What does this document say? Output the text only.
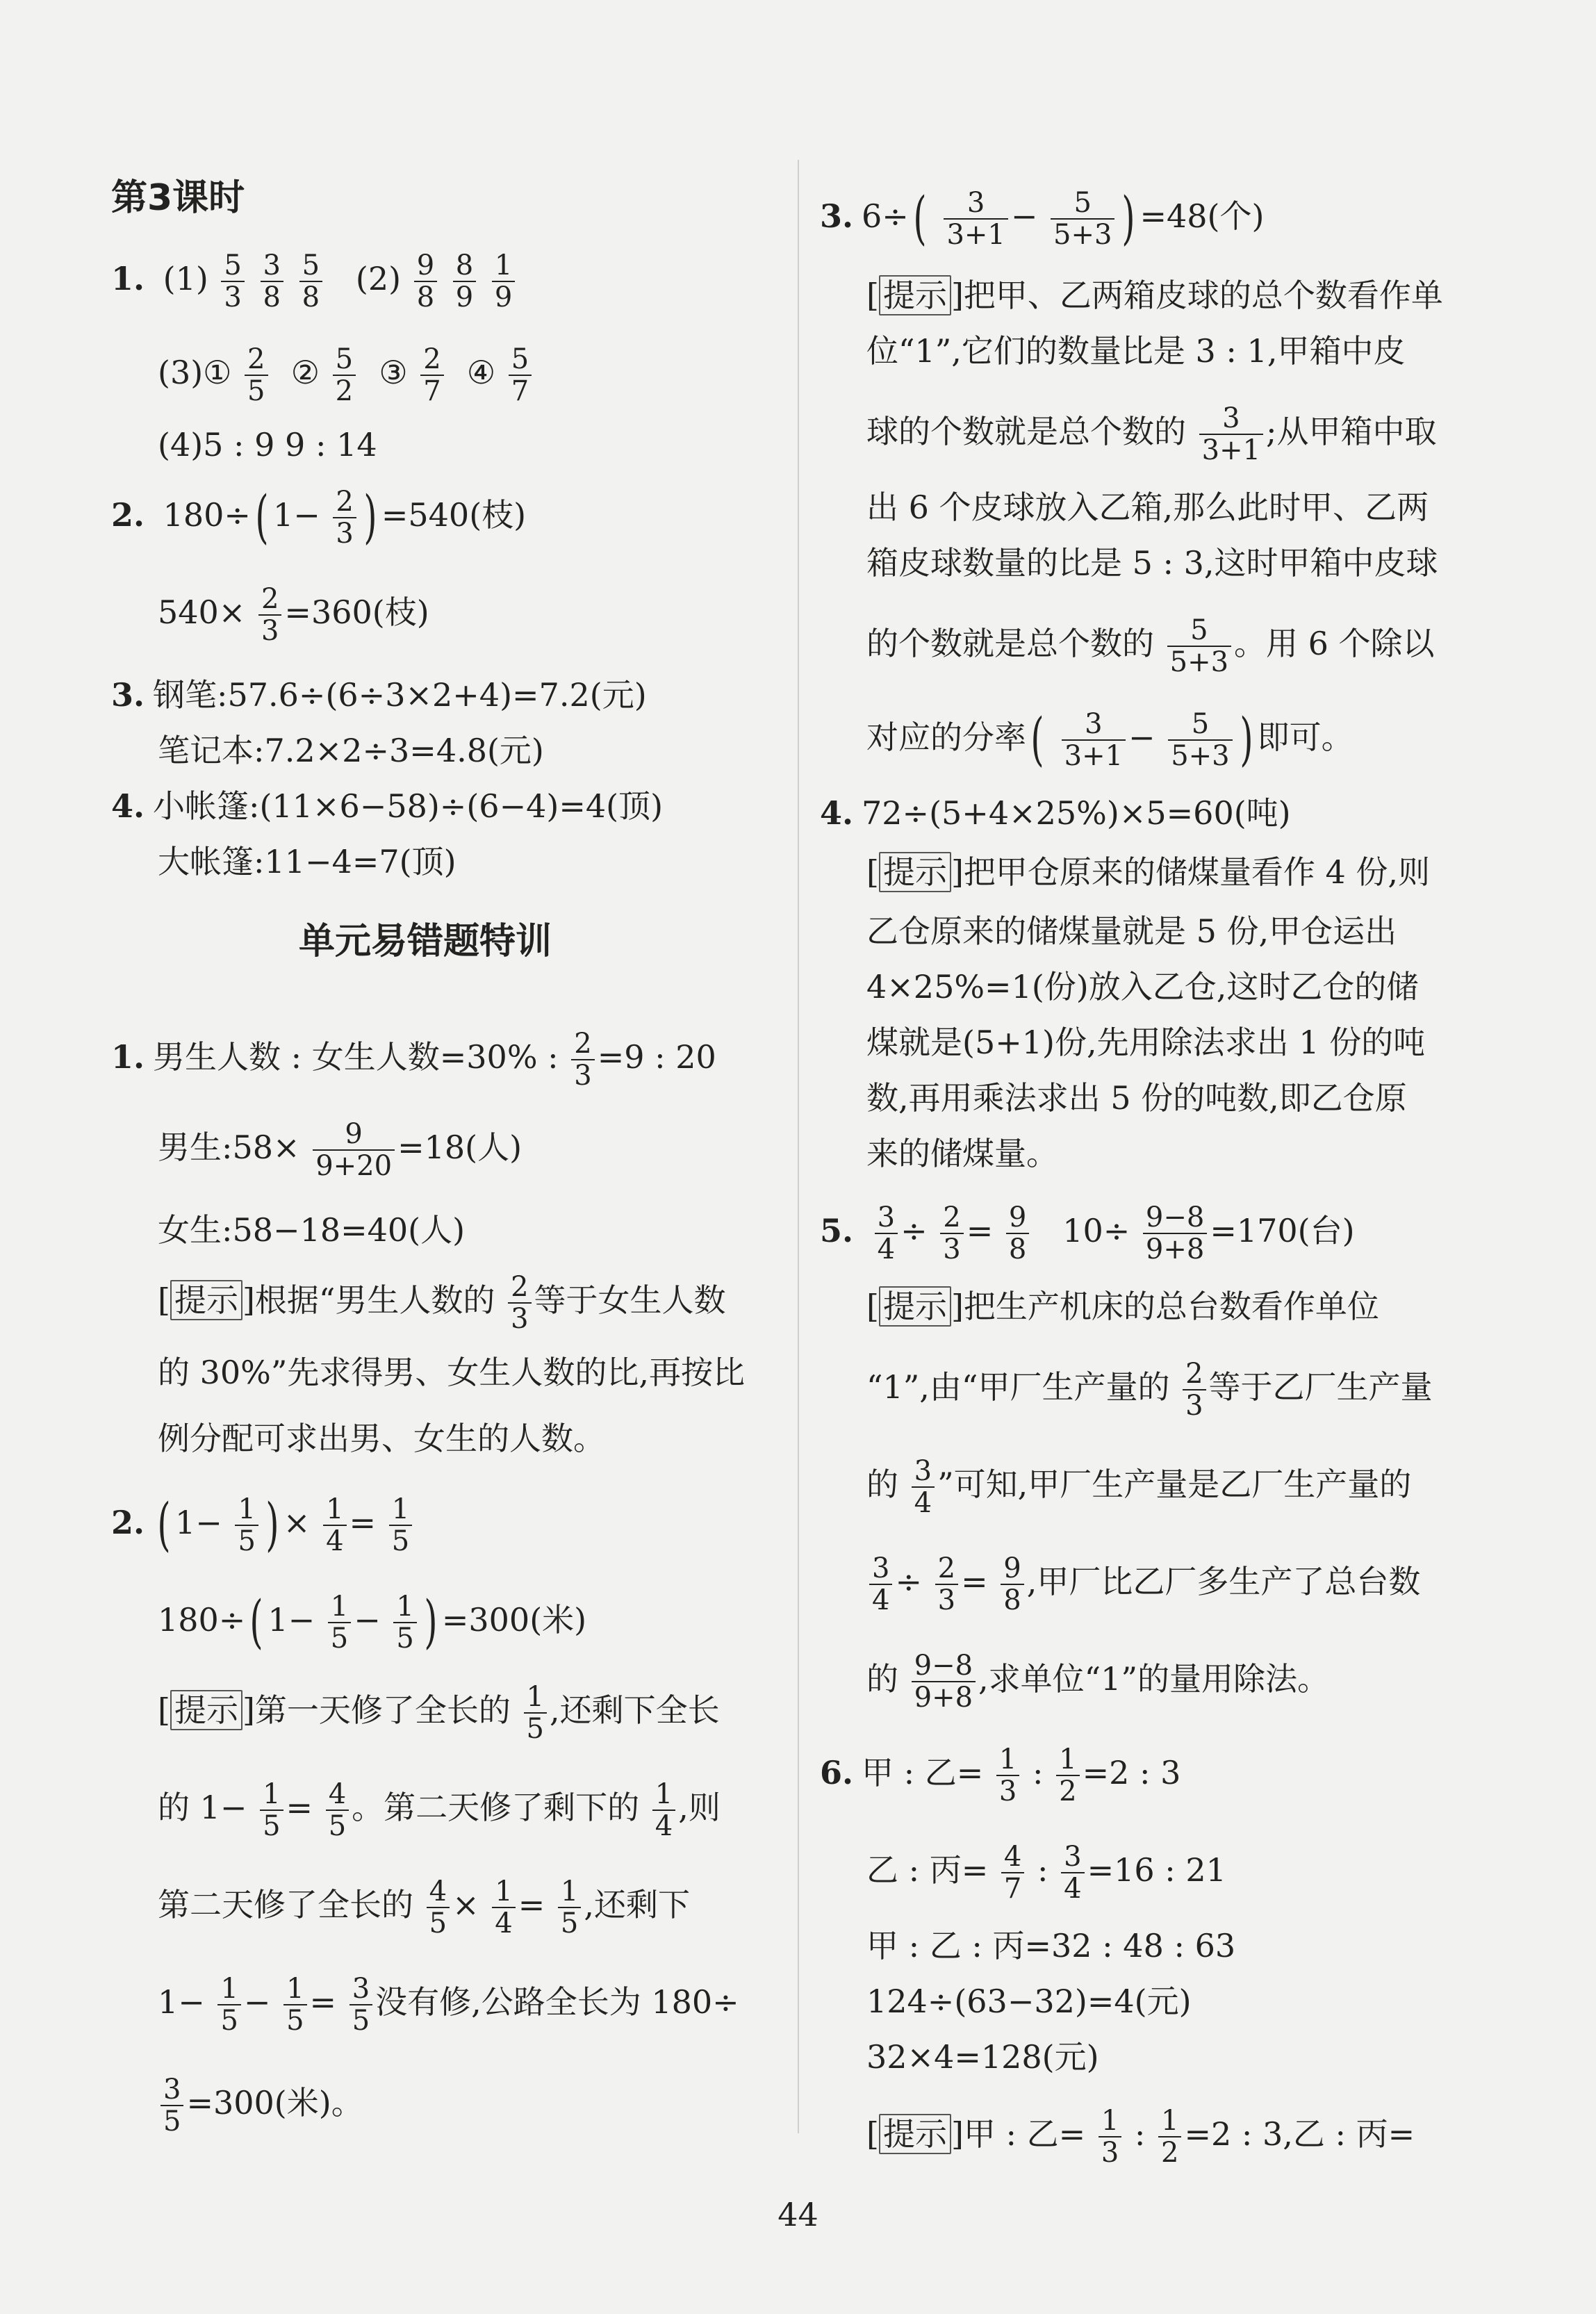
第3课时
1. $(1) \frac{5}{3}$
$\frac{3}{8}$
$\frac{5}{8} (2) \frac{9}{8}$
$\frac{8}{9}$
$\frac{1}{9}$
(3)① $\frac{2}{5}$ ② $\frac{5}{2}$ ③ $\frac{2}{7}$ ④ $\frac{5}{7}$
(4)5 : 9 9 : 14
2. 180÷( $1- \frac{2}{3}$ ) =540(枝)
$540\times \frac{2}{3} =360$(枝)
3. 钢笔:57.6÷(6÷3×2+4)=7.2(元)
笔记本:7.2×2÷3=4.8(元)
4. 小帐篷:(11×6−58)÷(6−4)=4(顶)
大帐篷:11−4=7(顶)
单元易错题特训
1. 男生人数 : 女生人数=30% : $\frac{2}{3} =9$ : 20
男生:58× $\frac{9}{9+20} =18$(人)
女生:58−18=40(人)
[ 提示 ]根据“男生人数的 $\frac{2}{3}$ 等于女生人数
的 30%”先求得男、女生人数的比,再按比
例分配可求出男、女生的人数。
2. ( $1- \frac{1}{5}$ ) × $\frac{1}{4} = \frac{1}{5}$
180÷( $1- \frac{1}{5} - \frac{1}{5}$ ) =300(米)
[ 提示 ]第一天修了全长的 $\frac{1}{5}$ ,还剩下全长
的 $1- \frac{1}{5} = \frac{4}{5}$ 。第二天修了剩下的 $\frac{1}{4}$ ,则
第二天修了全长的 $\frac{4}{5} \times \frac{1}{4} = \frac{1}{5}$ ,还剩下
$1- \frac{1}{5} - \frac{1}{5} = \frac{3}{5}$ 没有修,公路全长为 180÷
$\frac{3}{5} =300$(米)。
3. $6\div( \frac{3}{3+1} - \frac{5}{5+3}$ ) =48(个)
[ 提示 ]把甲、乙两箱皮球的总个数看作单
位“1”,它们的数量比是 3 : 1,甲箱中皮
球的个数就是总个数的 $\frac{3}{3+1}$ ;从甲箱中取
出 6 个皮球放入乙箱,那么此时甲、乙两
箱皮球数量的比是 5 : 3,这时甲箱中皮球
的个数就是总个数的 $\frac{5}{5+3}$ 。用 6 个除以
对应的分率( $\frac{3}{3+1} - \frac{5}{5+3}$ ) 即可。
4. 72÷(5+4×25%)×5=60(吨)
[ 提示 ]把甲仓原来的储煤量看作 4 份,则
乙仓原来的储煤量就是 5 份,甲仓运出
4×25%=1(份)放入乙仓,这时乙仓的储
煤就是(5+1)份,先用除法求出 1 份的吨
数,再用乘法求出 5 份的吨数,即乙仓原
来的储煤量。
5. $\frac{3}{4} \div \frac{2}{3} = \frac{9}{8} 10\div \frac{9-8}{9+8} =170$(台)
[ 提示 ]把生产机床的总台数看作单位
“1”,由“甲厂生产量的 $\frac{2}{3}$ 等于乙厂生产量
的 $\frac{3}{4}$ ”可知,甲厂生产量是乙厂生产量的
$\frac{3}{4} \div \frac{2}{3} = \frac{9}{8}$ ,甲厂比乙厂多生产了总台数
的 $\frac{9-8}{9+8}$ ,求单位“1”的量用除法。
6. 甲 : 乙= $\frac{1}{3}$ : $\frac{1}{2} =2$ : 3
乙 : 丙= $\frac{4}{7}$ : $\frac{3}{4} =16$ : 21
甲 : 乙 : 丙=32 : 48 : 63
124÷(63−32)=4(元)
32×4=128(元)
[ 提示 ]甲 : 乙= $\frac{1}{3}$ : $\frac{1}{2} =2$ : 3,乙 : 丙=
44
